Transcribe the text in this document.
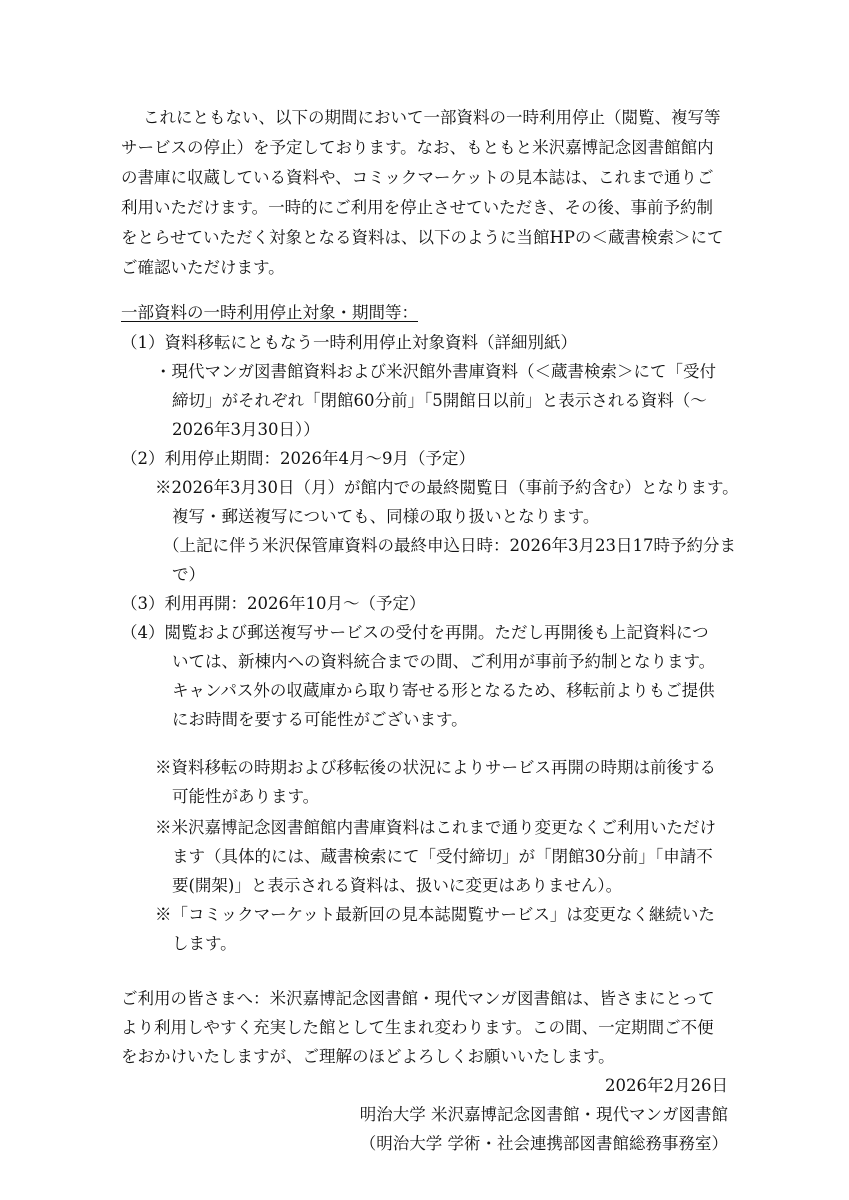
これにともない、以下の期間において一部資料の一時利用停止（閲覧、複写等
サービスの停止）を予定しております。なお、もともと米沢嘉博記念図書館館内
の書庫に収蔵している資料や、コミックマーケットの見本誌は、これまで通りご
利用いただけます。一時的にご利用を停止させていただき、その後、事前予約制
をとらせていただく対象となる資料は、以下のように当館HPの＜蔵書検索＞にて
ご確認いただけます。
一部資料の一時利用停止対象・期間等：
（1）資料移転にともなう一時利用停止対象資料（詳細別紙）
・現代マンガ図書館資料および米沢館外書庫資料（＜蔵書検索＞にて「受付
締切」がそれぞれ「閉館60分前」「5開館日以前」と表示される資料（～
2026年3月30日））
（2）利用停止期間：2026年4月～9月（予定）
※2026年3月30日（月）が館内での最終閲覧日（事前予約含む）となります。
複写・郵送複写についても、同様の取り扱いとなります。
（上記に伴う米沢保管庫資料の最終申込日時：2026年3月23日17時予約分ま
で）
（3）利用再開：2026年10月～（予定）
（4）閲覧および郵送複写サービスの受付を再開。ただし再開後も上記資料につ
いては、新棟内への資料統合までの間、ご利用が事前予約制となります。
キャンパス外の収蔵庫から取り寄せる形となるため、移転前よりもご提供
にお時間を要する可能性がございます。
※資料移転の時期および移転後の状況によりサービス再開の時期は前後する
可能性があります。
※米沢嘉博記念図書館館内書庫資料はこれまで通り変更なくご利用いただけ
ます（具体的には、蔵書検索にて「受付締切」が「閉館30分前」「申請不
要(開架)」と表示される資料は、扱いに変更はありません）。
※「コミックマーケット最新回の見本誌閲覧サービス」は変更なく継続いた
します。
ご利用の皆さまへ：米沢嘉博記念図書館・現代マンガ図書館は、皆さまにとって
より利用しやすく充実した館として生まれ変わります。この間、一定期間ご不便
をおかけいたしますが、ご理解のほどよろしくお願いいたします。
2026年2月26日
明治大学 米沢嘉博記念図書館・現代マンガ図書館
（明治大学 学術・社会連携部図書館総務事務室）
